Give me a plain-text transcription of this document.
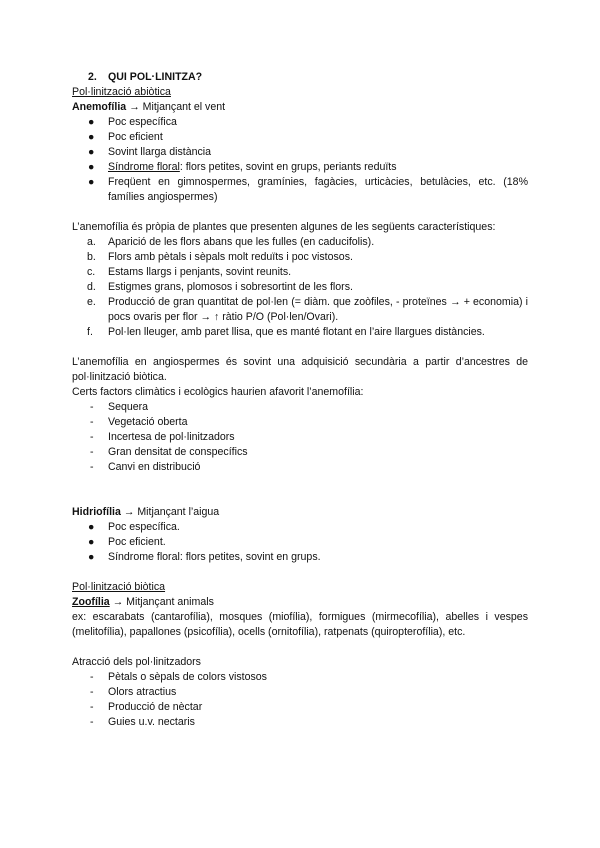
2. QUI POL·LINITZA?
Pol·linització abiòtica
Anemofília → Mitjançant el vent
●	Poc específica
●	Poc eficient
●	Sovint llarga distància
●	Síndrome floral: flors petites, sovint en grups, periants reduïts
●	Freqüent en gimnospermes, gramínies, fagàcies, urticàcies, betulàcies, etc. (18% famílies angiospermes)

L’anemofília és pròpia de plantes que presenten algunes de les següents característiques:

a. Aparició de les flors abans que les fulles (en caducifolis).
b. Flors amb pètals i sèpals molt reduïts i poc vistosos.
c. Estams llargs i penjants, sovint reunits.
d. Estigmes grans, plomosos i sobresortint de les flors.
e. Producció de gran quantitat de pol·len (= diàm. que zoòfiles, - proteïnes → + economia) i pocs ovaris per flor → ↑ ràtio P/O (Pol·len/Ovari).
f. Pol·len lleuger, amb paret llisa, que es manté flotant en l’aire llargues distàncies.

L’anemofília en angiospermes és sovint una adquisició secundària a partir d’ancestres de pol·linització biòtica.

Certs factors climàtics i ecològics haurien afavorit l’anemofília:

- Sequera
- Vegetació oberta
- Incertesa de pol·linitzadors
- Gran densitat de conspecífics
- Canvi en distribució
Hidriofília → Mitjançant l’aigua
●	Poc específica.
●	Poc eficient.
●	Síndrome floral: flors petites, sovint en grups.
Pol·linització biòtica
Zoofília → Mitjançant animals

ex: escarabats (cantarofília), mosques (miofília), formigues (mirmecofília), abelles i vespes (melitofília), papallones (psicofília), ocells (ornitofília), ratpenats (quiropterofília), etc.

Atracció dels pol·linitzadors

- Pètals o sèpals de colors vistosos
- Olors atractius
- Producció de nèctar
- Guies u.v. nectaris
